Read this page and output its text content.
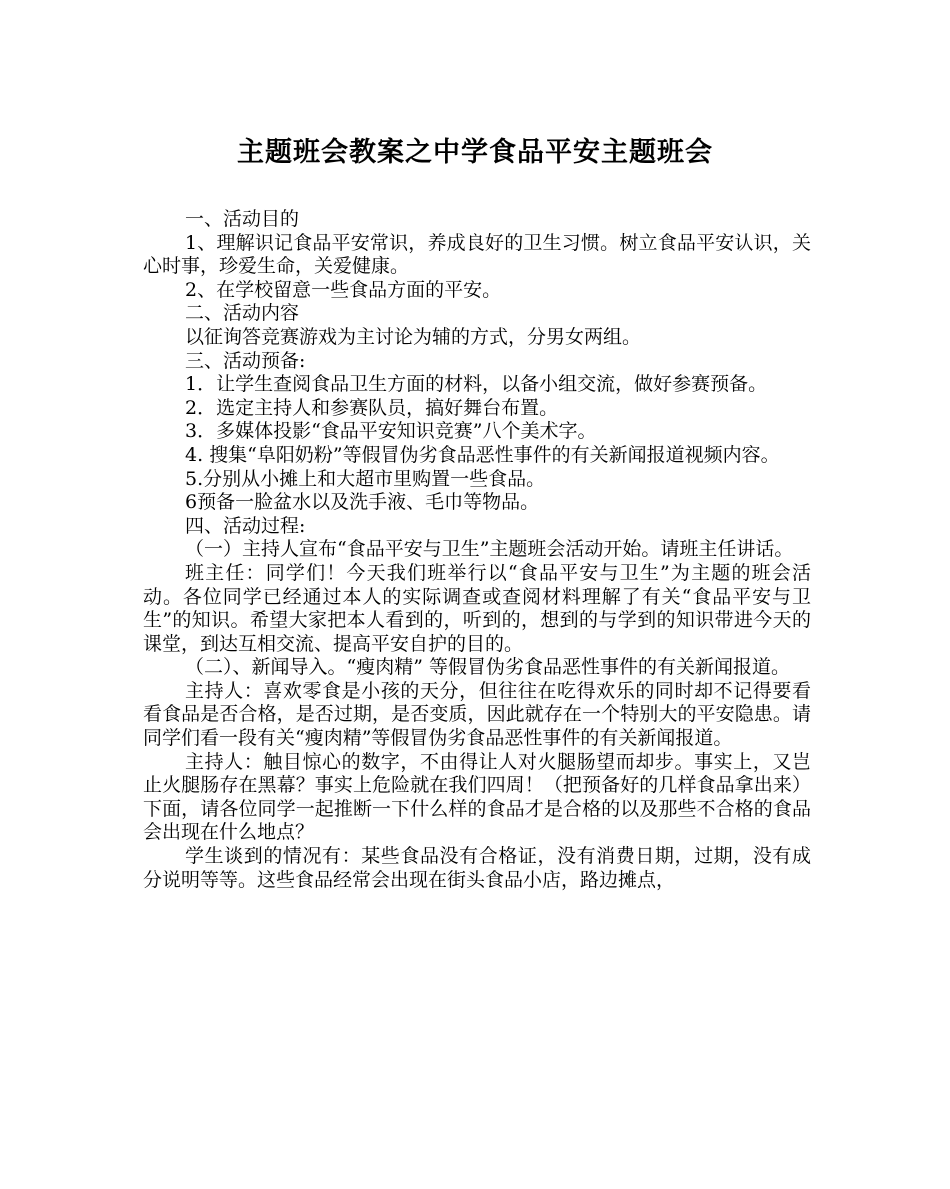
主题班会教案之中学食品平安主题班会

一、活动目的

1、理解识记食品平安常识，养成良好的卫生习惯。树立食品平安认识，关心时事，珍爱生命，关爱健康。

2、在学校留意一些食品方面的平安。

二、活动内容

以征询答竞赛游戏为主讨论为辅的方式，分男女两组。

三、活动预备:

1．让学生查阅食品卫生方面的材料，以备小组交流，做好参赛预备。

2．选定主持人和参赛队员，搞好舞台布置。

3．多媒体投影“食品平安知识竞赛”八个美术字。

4. 搜集“阜阳奶粉”等假冒伪劣食品恶性事件的有关新闻报道视频内容。

5.分别从小摊上和大超市里购置一些食品。

6预备一脸盆水以及洗手液、毛巾等物品。

四、活动过程:

（一）主持人宣布“食品平安与卫生”主题班会活动开始。请班主任讲话。

班主任：同学们！今天我们班举行以“食品平安与卫生”为主题的班会活动。各位同学已经通过本人的实际调查或查阅材料理解了有关“食品平安与卫生”的知识。希望大家把本人看到的，听到的，想到的与学到的知识带进今天的课堂，到达互相交流、提高平安自护的目的。

（二）、新闻导入。“瘦肉精” 等假冒伪劣食品恶性事件的有关新闻报道。

主持人：喜欢零食是小孩的天分，但往往在吃得欢乐的同时却不记得要看看食品是否合格，是否过期，是否变质，因此就存在一个特别大的平安隐患。请同学们看一段有关“瘦肉精”等假冒伪劣食品恶性事件的有关新闻报道。

主持人：触目惊心的数字，不由得让人对火腿肠望而却步。事实上，又岂止火腿肠存在黑幕？事实上危险就在我们四周！（把预备好的几样食品拿出来）下面，请各位同学一起推断一下什么样的食品才是合格的以及那些不合格的食品会出现在什么地点？

学生谈到的情况有：某些食品没有合格证，没有消费日期，过期，没有成分说明等等。这些食品经常会出现在街头食品小店，路边摊点，
